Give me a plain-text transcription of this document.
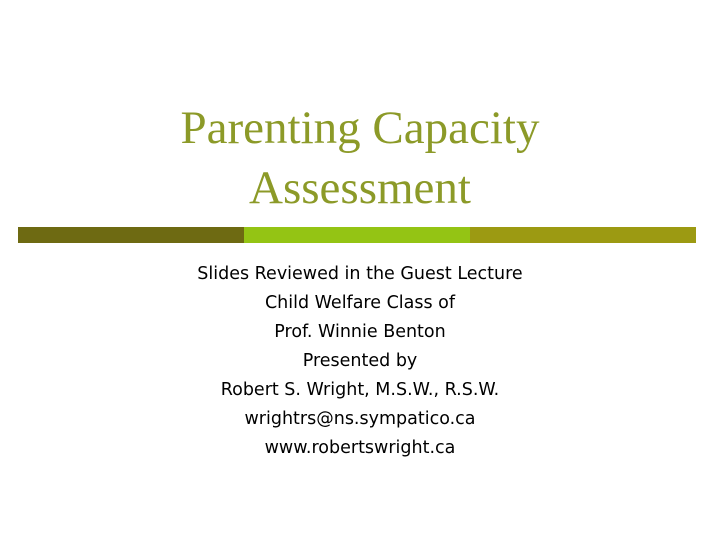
Parenting Capacity
Assessment
Slides Reviewed in the Guest Lecture
Child Welfare Class of
Prof. Winnie Benton
Presented by
Robert S. Wright, M.S.W., R.S.W.
wrightrs@ns.sympatico.ca
www.robertswright.ca
